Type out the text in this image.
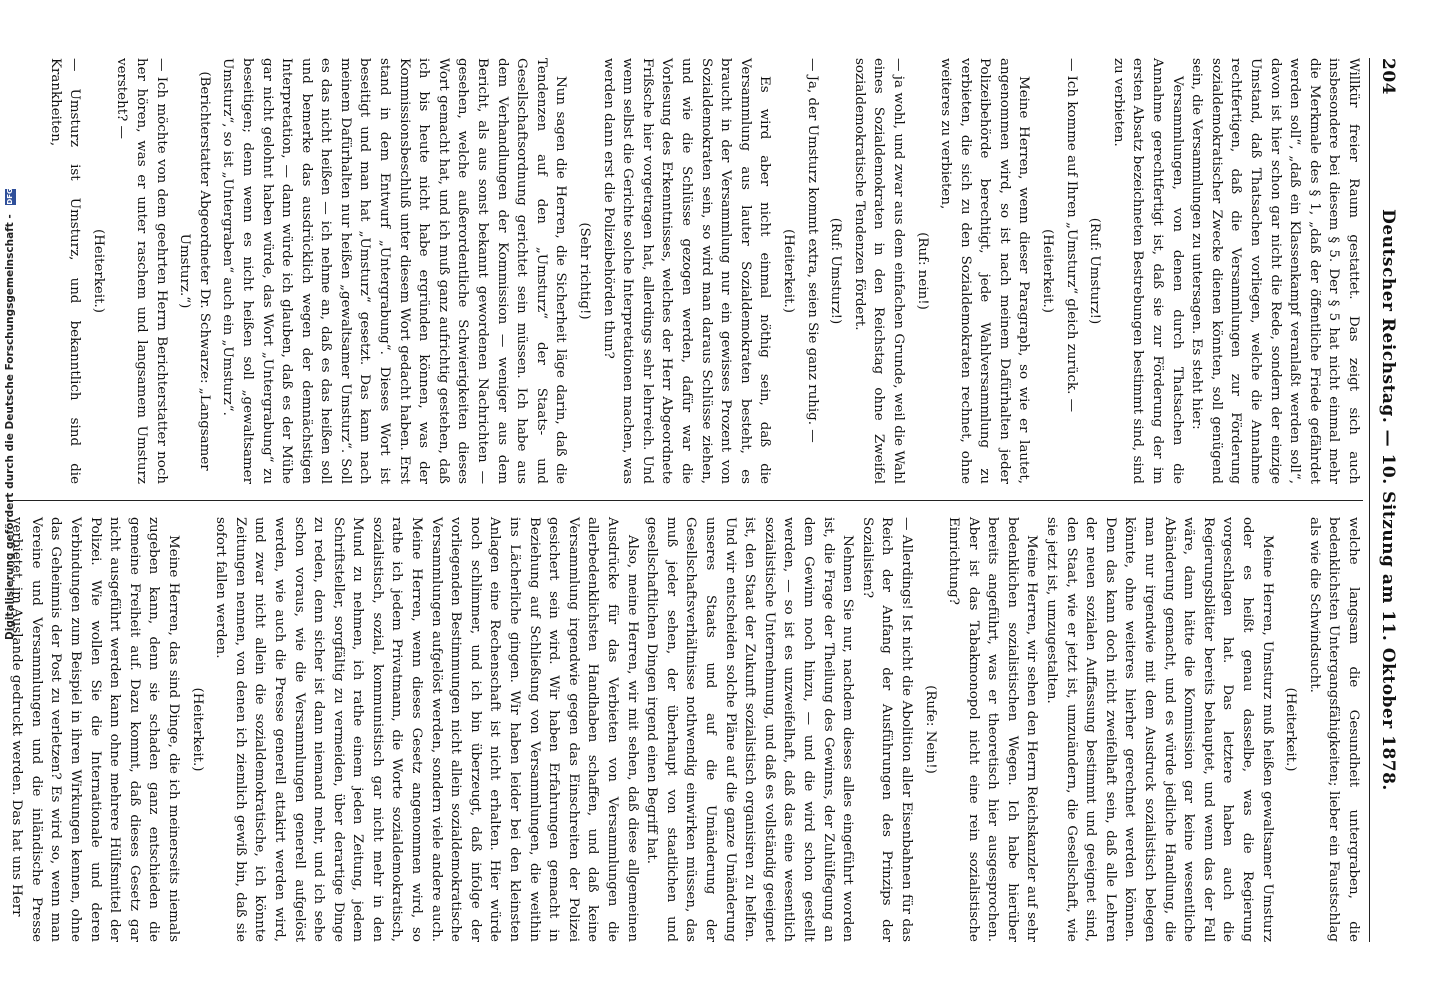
204
Deutscher Reichstag. — 10. Sitzung am 11. Oktober 1878.

Willkür freier Raum gestattet. Das zeigt sich auch insbesondere bei diesem § 5. Der § 5 hat nicht einmal mehr die Merkmale des § 1, „daß der öffentliche Friede gefährdet werden soll“, „daß ein Klassenkampf veranlaßt werden soll“, davon ist hier schon gar nicht die Rede, sondern der einzige Umstand, daß Thatsachen vorliegen, welche die Annahme rechtfertigen, daß die Versammlungen zur Förderung sozialdemokratischer Zwecke dienen könnten, soll genügend sein, die Versammlungen zu untersagen. Es steht hier:

Versammlungen, von denen durch Thatsachen die Annahme gerechtfertigt ist, daß sie zur Förderung der im ersten Absatz bezeichneten Bestrebungen bestimmt sind, sind zu verbieten.

(Ruf: Umsturz!)

— Ich komme auf Ihren „Umsturz“ gleich zurück. —

(Heiterkeit.)

Meine Herren, wenn dieser Paragraph, so wie er lautet, angenommen wird, so ist nach meinem Dafürhalten jeder Polizeibehörde berechtigt, jede Wahlversammlung zu verbieten, die sich zu den Sozialdemokraten rechnet, ohne weiteres zu verbieten,

(Ruf: nein!)

— ja wohl, und zwar aus dem einfachen Grunde, weil die Wahl eines Sozialdemokraten in den Reichstag ohne Zweifel sozialdemokratische Tendenzen fördert.

(Ruf: Umsturz!)

— Ja, der Umsturz kommt extra, seien Sie ganz ruhig. —

(Heiterkeit.)

Es wird aber nicht einmal nöthig sein, daß die Versammlung aus lauter Sozialdemokraten besteht, es braucht in der Versammlung nur ein gewisses Prozent von Sozialdemokraten sein, so wird man daraus Schlüsse ziehen, und wie die Schlüsse gezogen werden, dafür war die Vorlesung des Erkenntnisses, welches der Herr Abgeordnete Frißsche hier vorgetragen hat, allerdings sehr lehrreich. Und wenn selbst die Gerichte solche Interpretationen machen, was werden dann erst die Polizeibehörden thun?

(Sehr richtig!)

Nun sagen die Herren, die Sicherheit läge darin, daß die Tendenzen auf den „Umsturz“ der Staats- und Gesellschaftsordnung gerichtet sein müssen. Ich habe aus dem Verhandlungen der Kommission — weniger aus dem Bericht, als aus sonst bekannt gewordenen Nachrichten — gesehen, welche außerordentliche Schwierigkeiten dieses Wort gemacht hat, und ich muß ganz aufrichtig gestehen, daß ich bis heute nicht habe ergründen können, was der Kommissionsbeschluß unter diesem Wort gedacht haben. Erst stand in dem Entwurf „Untergrabung“. Dieses Wort ist beseitigt und man hat „Umsturz“ gesetzt. Das kann nach meinem Dafürhalten nur heißen „gewaltsamer Umsturz“. Soll es das nicht heißen — ich nehme an, daß es das heißen soll und bemerke das ausdrücklich wegen der demnächstigen Interpretation, — dann würde ich glauben, daß es der Mühe gar nicht gelohnt haben würde, das Wort „Untergrabung“ zu beseitigen; denn wenn es nicht heißen soll „gewaltsamer Umsturz“, so ist „Untergraben“ auch ein „Umsturz“.

(Berichterstatter Abgeordneter Dr. Schwarze: „Langsamer Umsturz.“)

— Ich möchte von dem geehrten Herrn Berichterstatter noch her hören, was er unter raschem und langsamem Umsturz versteht? —

(Heiterkeit.)

— Umsturz ist Umsturz, und bekanntlich sind die Krankheiten,

welche langsam die Gesundheit untergraben, die bedenklichsten Untergangsfähigkeiten; lieber ein Faustschlag als wie die Schwindsucht.

(Heiterkeit.)

Meine Herren, Umsturz muß heißen gewaltsamer Umsturz oder es heißt genau dasselbe, was die Regierung vorgeschlagen hat. Das letztere haben auch die Regierungsblätter bereits behauptet, und wenn das der Fall wäre, dann hätte die Kommission gar keine wesentliche Abänderung gemacht, und es würde jedliche Handlung, die man nur irgendwie mit dem Ausdruck sozialistisch belegen könnte, ohne weiteres hierher gerechnet werden können. Denn das kann doch nicht zweifelhaft sein, daß alle Lehren der neuen sozialen Auffassung bestimmt und geeignet sind, den Staat, wie er jetzt ist, umzuändern, die Gesellschaft, wie sie jetzt ist, umzugestalten.

Meine Herren, wir sehen den Herrn Reichskanzler auf sehr bedenklichen sozialistischen Wegen. Ich habe hierüber bereits angeführt, was er theoretisch hier ausgesprochen. Aber ist das Tabakmonopol nicht eine rein sozialistische Einrichtung?

(Rufe: Nein!)

— Allerdings! Ist nicht die Abolition aller Eisenbahnen für das Reich der Anfang der Ausführungen des Prinzips der Sozialisten?

Nehmen Sie nur, nachdem dieses alles eingeführt worden ist, die Frage der Theilung des Gewinns, der Zuhülfegung an dem Gewinn noch hinzu, — und die wird schon gestellt werden, — so ist es unzweifelhaft, daß das eine wesentlich sozialistische Unternehmung, und daß es vollständig geeignet ist, den Staat der Zukunft sozialistisch organisiren zu helfen. Und wir entscheiden solche Pläne auf die ganze Umänderung unseres Staats und auf die Umänderung der Gesellschaftsverhältnisse nothwendig einwirken müssen, das muß jeder sehen, der überhaupt von staatlichen und gesellschaftlichen Dingen irgend einen Begriff hat.

Also, meine Herren, wir mit sehen, daß diese allgemeinen Ausdrücke für das Verbieten von Versammlungen die allerbedenklichsten Handhaben schaffen, und daß keine Versammlung irgendwie gegen das Einschreiten der Polizei gesichert sein wird. Wir haben Erfahrungen gemacht in Beziehung auf Schließung von Versammlungen, die weithin ins Lächerliche gingen. Wir haben leider bei den kleinsten Anlagen eine Rechenschaft ist nicht erhalten. Hier würde noch schlimmer, und ich bin überzeugt, daß infolge der vorliegenden Bestimmungen nicht allein sozialdemokratische Versammlungen aufgelöst werden, sondern viele andere auch. Meine Herren, wenn dieses Gesetz angenommen wird, so rathe ich jedem Privatmann, die Worte sozialdemokratisch, sozialistisch, sozial, kommunistisch gar nicht mehr in den Mund zu nehmen, ich rathe einem jeden Zeitung, jedem Schriftsteller, sorgfältig zu vermeiden, über derartige Dinge zu reden, denn sicher ist dann niemand mehr, und ich sehe schon voraus, wie die Versammlungen generell aufgelöst werden, wie auch die Presse generell attakirt werden wird, und zwar nicht allein die sozialdemokratische, ich könnte Zeitungen nennen, von denen ich ziemlich gewiß bin, daß sie sofort fallen werden.

(Heiterkeit.)

Meine Herren, das sind Dinge, die ich meinerseits niemals zugeben kann, denn sie schaden ganz entschieden die gemeine Freiheit auf. Dazu kommt, daß dieses Gesetz gar nicht ausgeführt werden kann ohne mehrere Hülfsmittel der Polizei. Wie wollen Sie die Internationale und deren Verbindungen zum Beispiel in ihren Wirkungen kennen, ohne das Geheimnis der Post zu verletzen? Es wird so, wenn man Vereine und Versammlungen und die inländische Presse verbietet, im Auslande gedruckt werden. Das hat uns Herr

Digitalisierung gefördert durch die Deutsche Forschungsgemeinschaft - DFG
